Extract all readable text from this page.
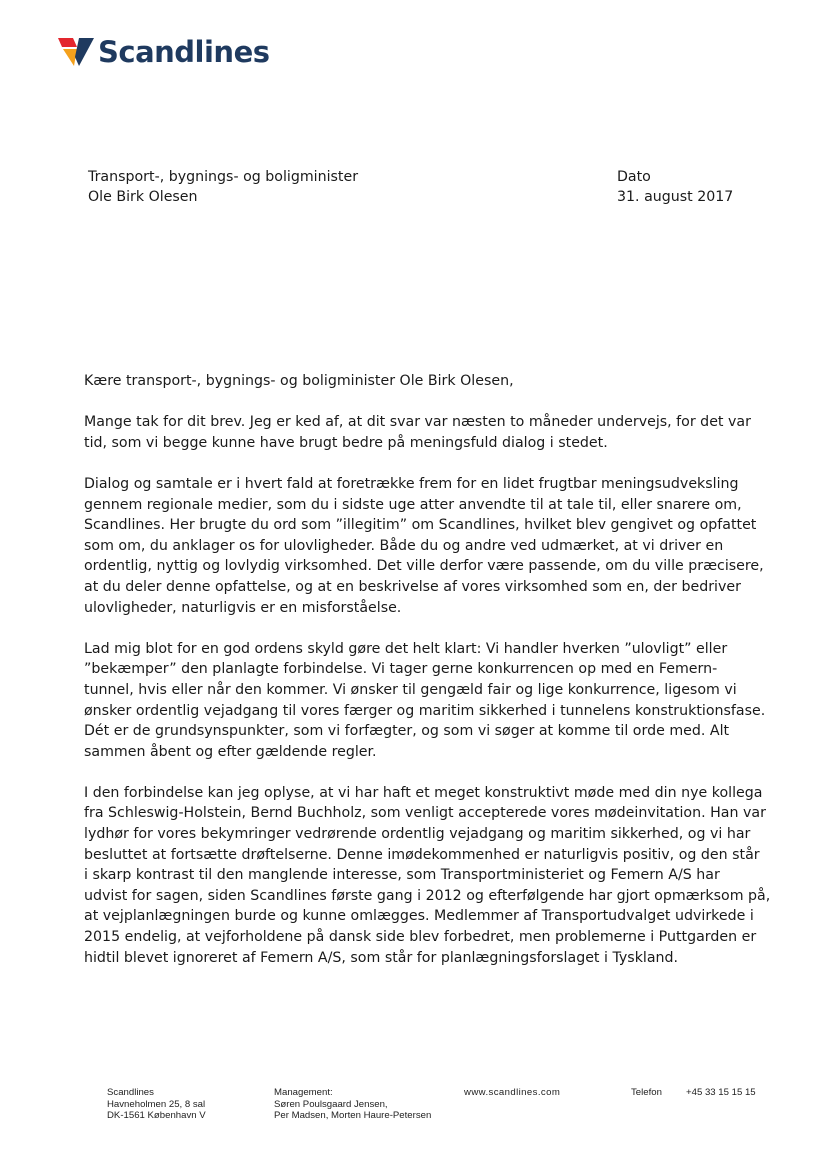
Scandlines
Transport-, bygnings- og boligminister
Ole Birk Olesen
Dato
31. august 2017

Kære transport-, bygnings- og boligminister Ole Birk Olesen,

Mange tak for dit brev. Jeg er ked af, at dit svar var næsten to måneder undervejs, for det var
tid, som vi begge kunne have brugt bedre på meningsfuld dialog i stedet.

Dialog og samtale er i hvert fald at foretrække frem for en lidet frugtbar meningsudveksling
gennem regionale medier, som du i sidste uge atter anvendte til at tale til, eller snarere om,
Scandlines. Her brugte du ord som ”illegitim” om Scandlines, hvilket blev gengivet og opfattet
som om, du anklager os for ulovligheder. Både du og andre ved udmærket, at vi driver en
ordentlig, nyttig og lovlydig virksomhed. Det ville derfor være passende, om du ville præcisere,
at du deler denne opfattelse, og at en beskrivelse af vores virksomhed som en, der bedriver
ulovligheder, naturligvis er en misforståelse.

Lad mig blot for en god ordens skyld gøre det helt klart: Vi handler hverken ”ulovligt” eller
”bekæmper” den planlagte forbindelse. Vi tager gerne konkurrencen op med en Femern-
tunnel, hvis eller når den kommer. Vi ønsker til gengæld fair og lige konkurrence, ligesom vi
ønsker ordentlig vejadgang til vores færger og maritim sikkerhed i tunnelens konstruktionsfase.
Dét er de grundsynspunkter, som vi forfægter, og som vi søger at komme til orde med. Alt
sammen åbent og efter gældende regler.

I den forbindelse kan jeg oplyse, at vi har haft et meget konstruktivt møde med din nye kollega
fra Schleswig-Holstein, Bernd Buchholz, som venligt accepterede vores mødeinvitation. Han var
lydhør for vores bekymringer vedrørende ordentlig vejadgang og maritim sikkerhed, og vi har
besluttet at fortsætte drøftelserne. Denne imødekommenhed er naturligvis positiv, og den står
i skarp kontrast til den manglende interesse, som Transportministeriet og Femern A/S har
udvist for sagen, siden Scandlines første gang i 2012 og efterfølgende har gjort opmærksom på,
at vejplanlægningen burde og kunne omlægges. Medlemmer af Transportudvalget udvirkede i
2015 endelig, at vejforholdene på dansk side blev forbedret, men problemerne i Puttgarden er
hidtil blevet ignoreret af Femern A/S, som står for planlægningsforslaget i Tyskland.

Scandlines
Havneholmen 25, 8 sal
DK-1561 København V
Management:
Søren Poulsgaard Jensen,
Per Madsen, Morten Haure-Petersen
www.scandlines.com	Telefon	+45 33 15 15 15
